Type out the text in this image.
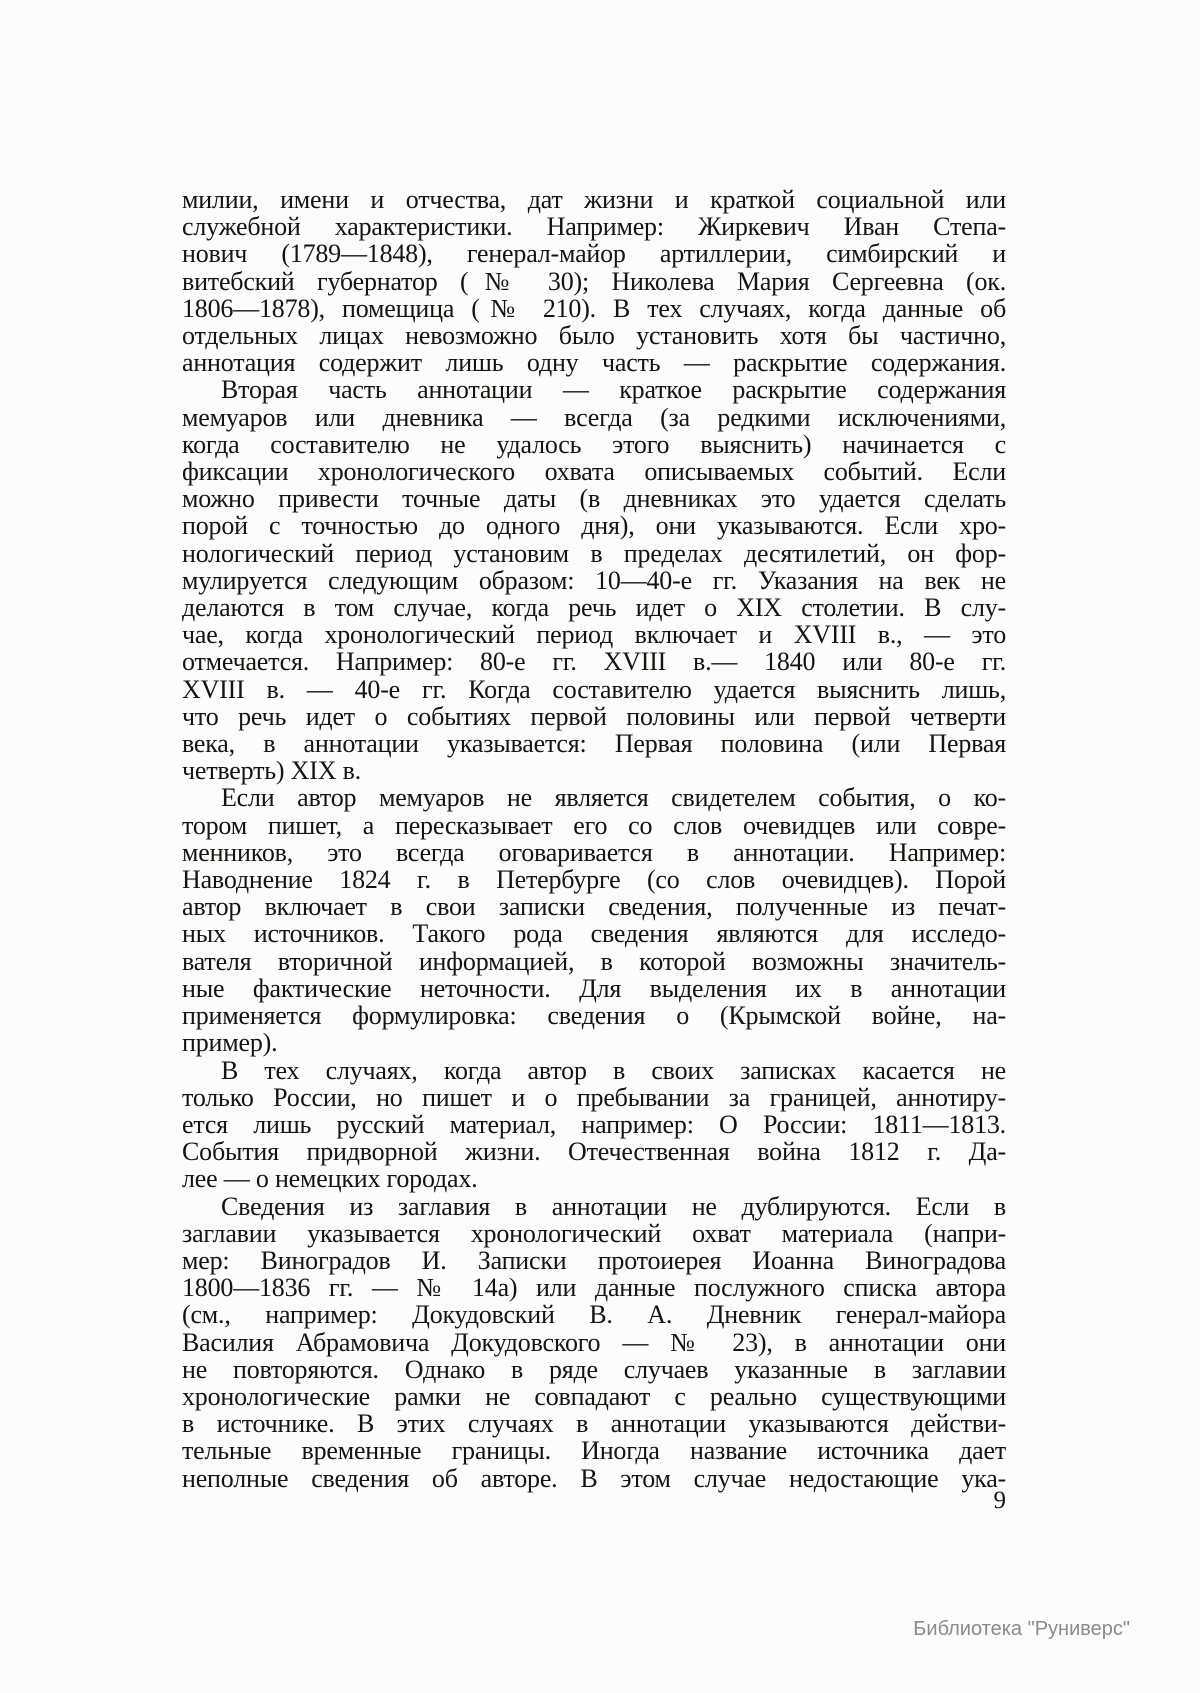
милии, имени и отчества, дат жизни и краткой социальной или
служебной характеристики. Например: Жиркевич Иван Степа-
нович (1789—1848), генерал-майор артиллерии, симбирский и
витебский губернатор (№ 30); Николева Мария Сергеевна (ок.
1806—1878), помещица (№ 210). В тех случаях, когда данные об
отдельных лицах невозможно было установить хотя бы частично,
аннотация содержит лишь одну часть — раскрытие содержания.
Вторая часть аннотации — краткое раскрытие содержания
мемуаров или дневника — всегда (за редкими исключениями,
когда составителю не удалось этого выяснить) начинается с
фиксации хронологического охвата описываемых событий. Если
можно привести точные даты (в дневниках это удается сделать
порой с точностью до одного дня), они указываются. Если хро-
нологический период установим в пределах десятилетий, он фор-
мулируется следующим образом: 10—40-е гг. Указания на век не
делаются в том случае, когда речь идет о XIX столетии. В слу-
чае, когда хронологический период включает и XVIII в., — это
отмечается. Например: 80-е гг. XVIII в.— 1840 или 80-е гг.
XVIII в. — 40-е гг. Когда составителю удается выяснить лишь,
что речь идет о событиях первой половины или первой четверти
века, в аннотации указывается: Первая половина (или Первая
четверть) XIX в.
Если автор мемуаров не является свидетелем события, о ко-
тором пишет, а пересказывает его со слов очевидцев или совре-
менников, это всегда оговаривается в аннотации. Например:
Наводнение 1824 г. в Петербурге (со слов очевидцев). Порой
автор включает в свои записки сведения, полученные из печат-
ных источников. Такого рода сведения являются для исследо-
вателя вторичной информацией, в которой возможны значитель-
ные фактические неточности. Для выделения их в аннотации
применяется формулировка: сведения о (Крымской войне, на-
пример).
В тех случаях, когда автор в своих записках касается не
только России, но пишет и о пребывании за границей, аннотиру-
ется лишь русский материал, например: О России: 1811—1813.
События придворной жизни. Отечественная война 1812 г. Да-
лее — о немецких городах.
Сведения из заглавия в аннотации не дублируются. Если в
заглавии указывается хронологический охват материала (напри-
мер: Виноградов И. Записки протоиерея Иоанна Виноградова
1800—1836 гг. — № 14а) или данные послужного списка автора
(см., например: Докудовский В. А. Дневник генерал-майора
Василия Абрамовича Докудовского — № 23), в аннотации они
не повторяются. Однако в ряде случаев указанные в заглавии
хронологические рамки не совпадают с реально существующими
в источнике. В этих случаях в аннотации указываются действи-
тельные временные границы. Иногда название источника дает
неполные сведения об авторе. В этом случае недостающие ука-
9
Библиотека "Руниверс"
